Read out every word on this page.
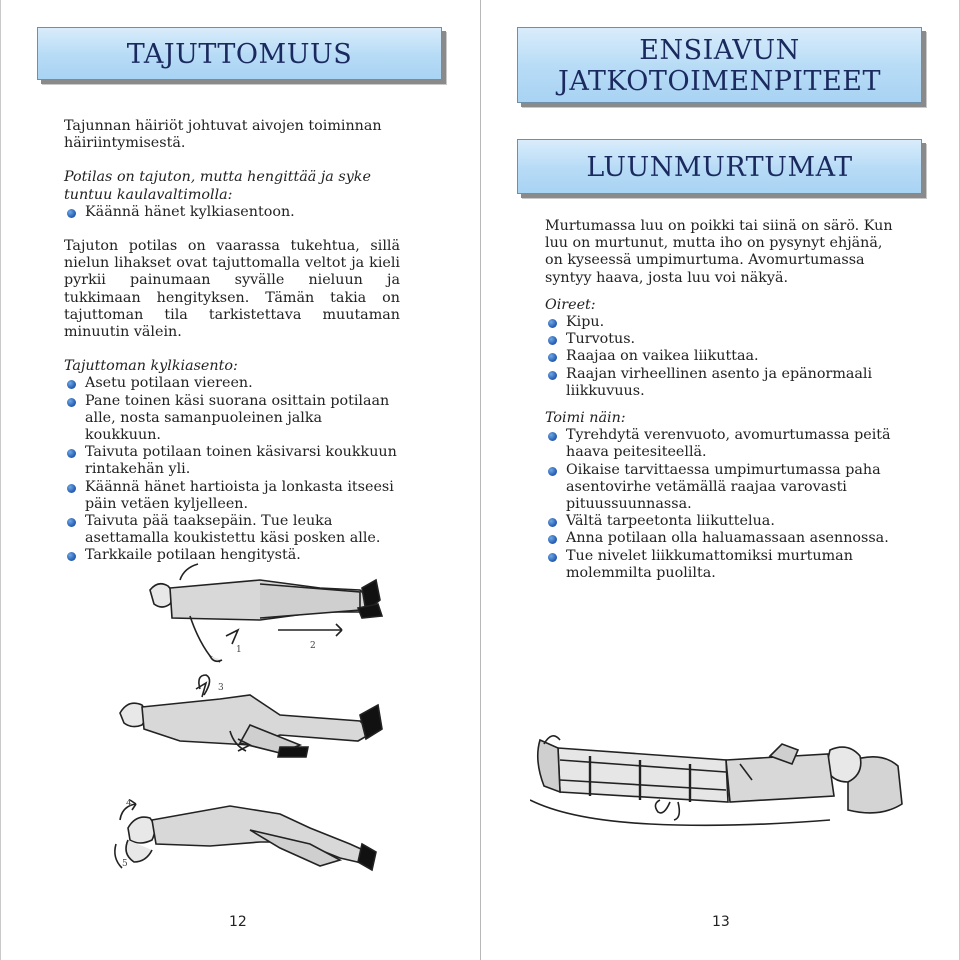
TAJUTTOMUUS

Tajunnan häiriöt johtuvat aivojen toiminnan häiriintymisestä.

Potilas on tajuton, mutta hengittää ja syke tuntuu kaulavaltimolla:
Käännä hänet kylkiasentoon.

Tajuton potilas on vaarassa tukehtua, sillä nielun lihakset ovat tajuttomalla veltot ja kieli pyrkii painumaan syvälle nieluun ja tukkimaan hengityksen. Tämän takia on tajuttoman tila tarkistettava muutaman minuutin välein.

Tajuttoman kylkiasento:
Asetu potilaan viereen.
Pane toinen käsi suorana osittain potilaan alle, nosta samanpuoleinen jalka koukkuun.
Taivuta potilaan toinen käsivarsi koukkuun rintakehän yli.
Käännä hänet hartioista ja lonkasta itseesi päin vetäen kyljelleen.
Taivuta pää taaksepäin. Tue leuka asettamalla koukistettu käsi posken alle.
Tarkkaile potilaan hengitystä.
1	2
3
4
5
12
ENSIAVUN JATKOTOIMENPITEET
LUUNMURTUMAT

Murtumassa luu on poikki tai siinä on särö. Kun luu on murtunut, mutta iho on pysynyt ehjänä, on kyseessä umpimurtuma. Avomurtumassa syntyy haava, josta luu voi näkyä.

Oireet:
Kipu.
Turvotus.
Raajaa on vaikea liikuttaa.
Raajan virheellinen asento ja epänormaali liikkuvuus.
Toimi näin:
Tyrehdytä verenvuoto, avomurtumassa peitä haava peitesiteellä.
Oikaise tarvittaessa umpimurtumassa paha asentovirhe vetämällä raajaa varovasti pituussuunnassa.
Vältä tarpeetonta liikuttelua.
Anna potilaan olla haluamassaan asennossa.
Tue nivelet liikkumattomiksi murtuman molemmilta puolilta.
13
